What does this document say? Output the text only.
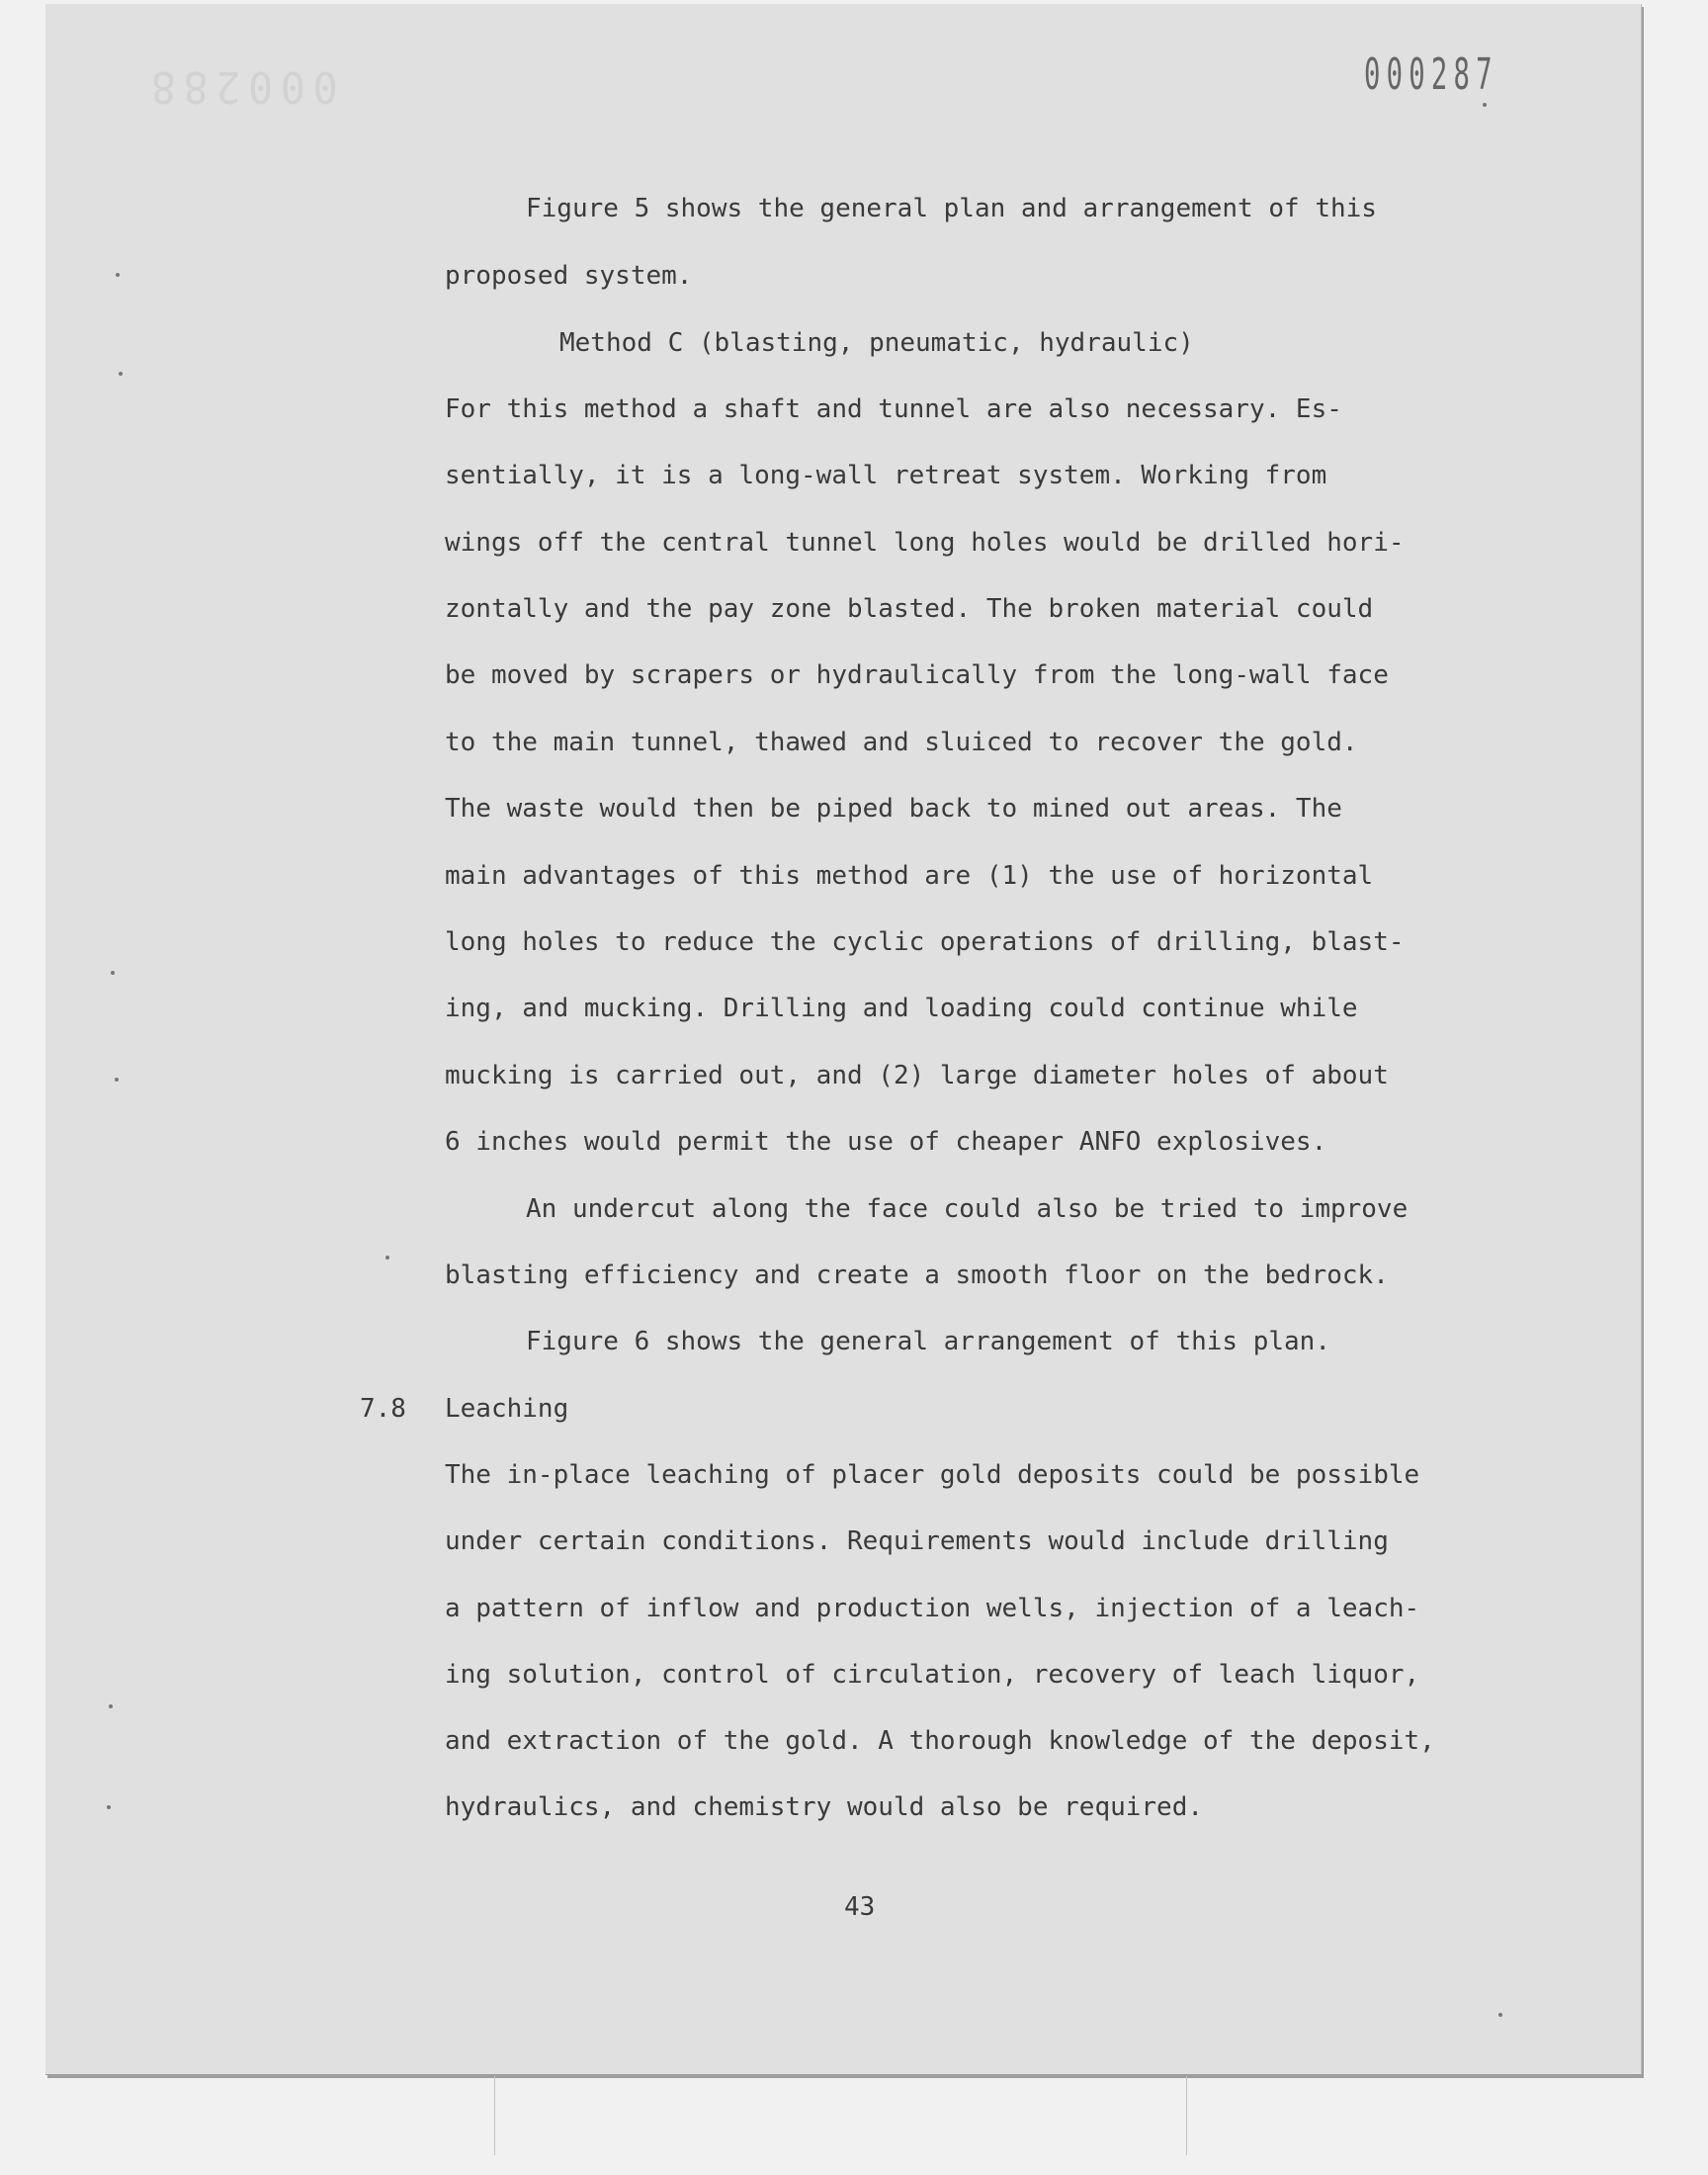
000288	000287
Figure 5 shows the general plan and arrangement of this
proposed system.
Method C (blasting, pneumatic, hydraulic)
For this method a shaft and tunnel are also necessary. Es-
sentially, it is a long-wall retreat system. Working from
wings off the central tunnel long holes would be drilled hori-
zontally and the pay zone blasted. The broken material could
be moved by scrapers or hydraulically from the long-wall face
to the main tunnel, thawed and sluiced to recover the gold.
The waste would then be piped back to mined out areas. The
main advantages of this method are (1) the use of horizontal
long holes to reduce the cyclic operations of drilling, blast-
ing, and mucking. Drilling and loading could continue while
mucking is carried out, and (2) large diameter holes of about
6 inches would permit the use of cheaper ANFO explosives.
An undercut along the face could also be tried to improve
blasting efficiency and create a smooth floor on the bedrock.
Figure 6 shows the general arrangement of this plan.
7.8 Leaching
The in-place leaching of placer gold deposits could be possible
under certain conditions. Requirements would include drilling
a pattern of inflow and production wells, injection of a leach-
ing solution, control of circulation, recovery of leach liquor,
and extraction of the gold. A thorough knowledge of the deposit,
hydraulics, and chemistry would also be required.
43
